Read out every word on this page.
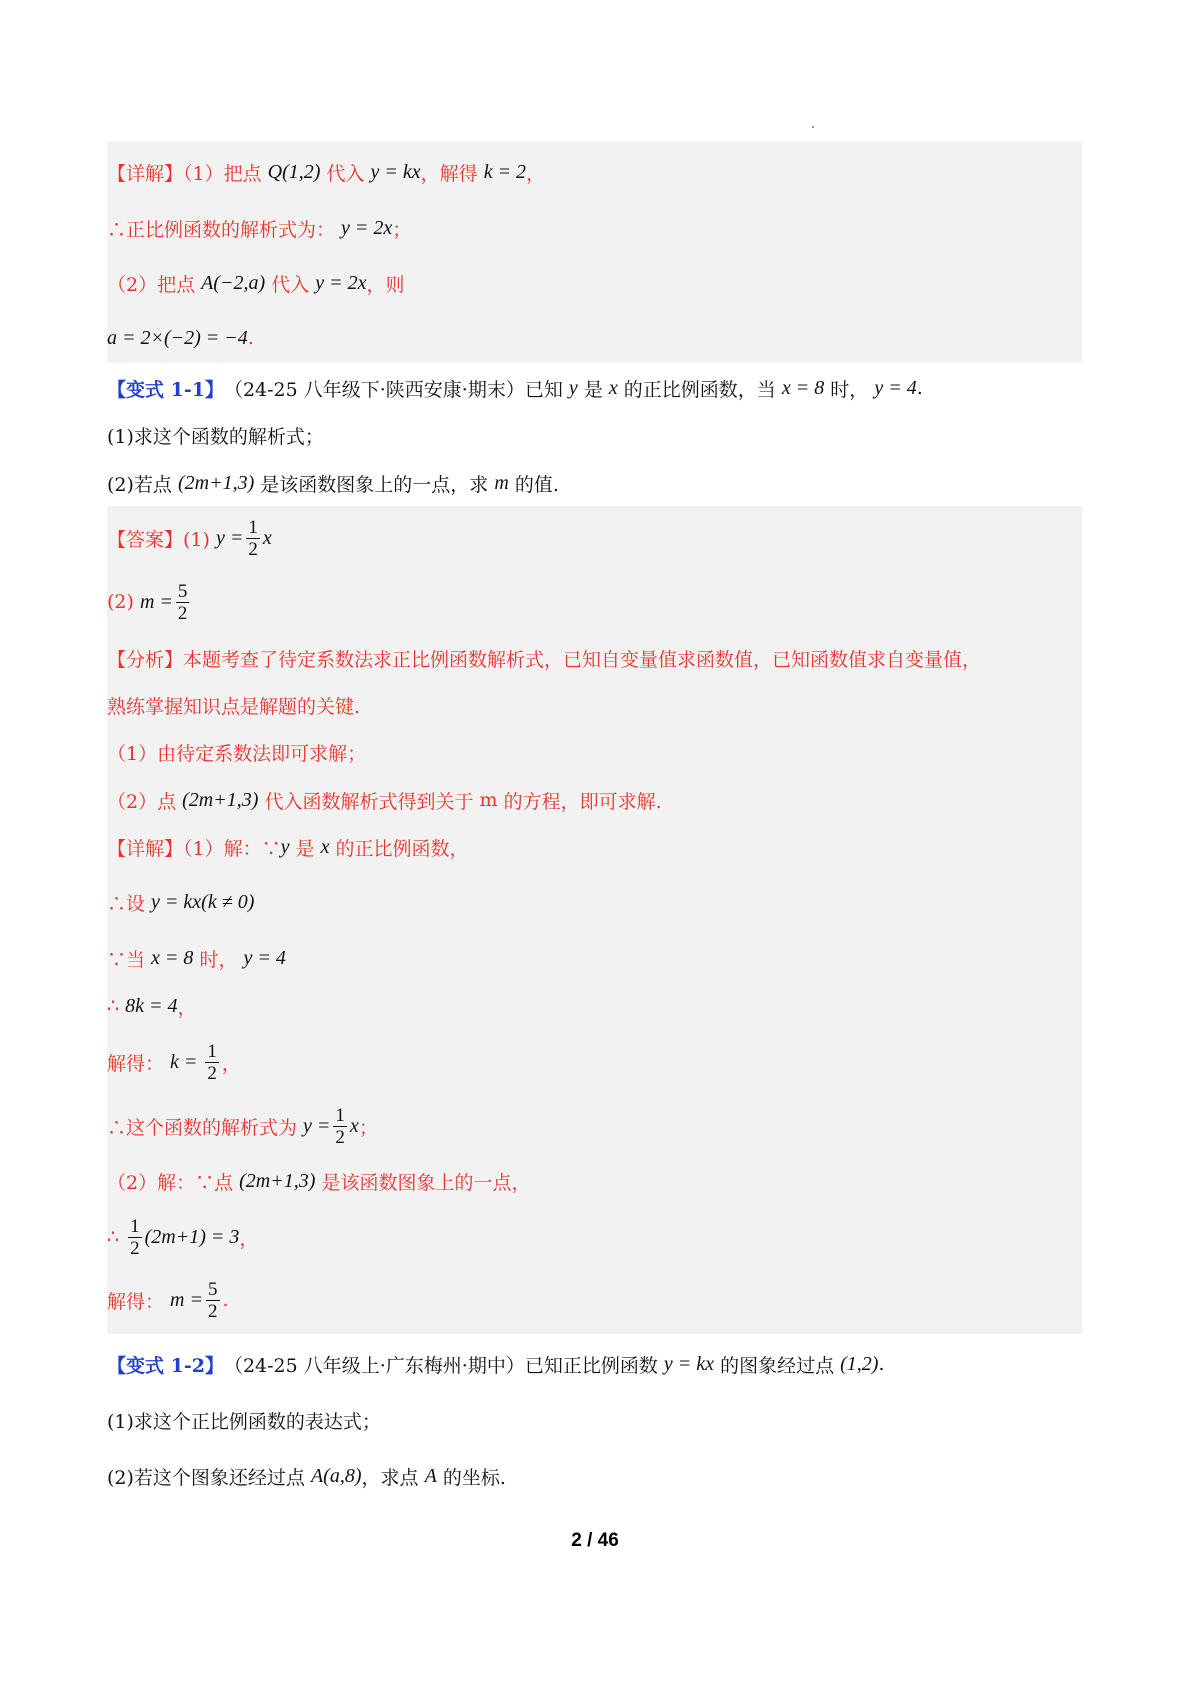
【详解】（1）把点 Q(1,2) 代入 y = kx ，解得 k = 2 ，
∴正比例函数的解析式为： y = 2x ；
（2）把点 A(−2,a) 代入 y = 2x ，则
a = 2×(−2) = −4 .
【变式 1-1】 （24-25 八年级下·陕西安康·期末）已知 y 是 x 的正比例函数，当 x = 8 时， y = 4 .
(1)求这个函数的解析式；
(2)若点 (2m+1,3) 是该函数图象上的一点，求 m 的值.
【答案】(1) $y = \frac{1}{2}$ x
(2) $m = \frac{5}{2}$
【分析】本题考查了待定系数法求正比例函数解析式，已知自变量值求函数值，已知函数值求自变量值，
熟练掌握知识点是解题的关键.
（1）由待定系数法即可求解；
（2）点 (2m+1,3) 代入函数解析式得到关于 m 的方程，即可求解.
【详解】（1）解：∵ y 是 x 的正比例函数，
∴设 y = kx(k ≠ 0)
∵当 x = 8 时， y = 4
∴ 8k = 4 ，
解得： $k = \frac{1}{2}$ ，
∴这个函数的解析式为 $y = \frac{1}{2}$ x ；
（2）解：∵点 (2m+1,3) 是该函数图象上的一点，
∴ $\frac{1}{2} (2m+1) = 3$ ，
解得： $m = \frac{5}{2}$ .
【变式 1-2】 （24-25 八年级上·广东梅州·期中）已知正比例函数 y = kx 的图象经过点 (1,2) .
(1)求这个正比例函数的表达式；
(2)若这个图象还经过点 A(a,8) ，求点 A 的坐标.
2 / 46
